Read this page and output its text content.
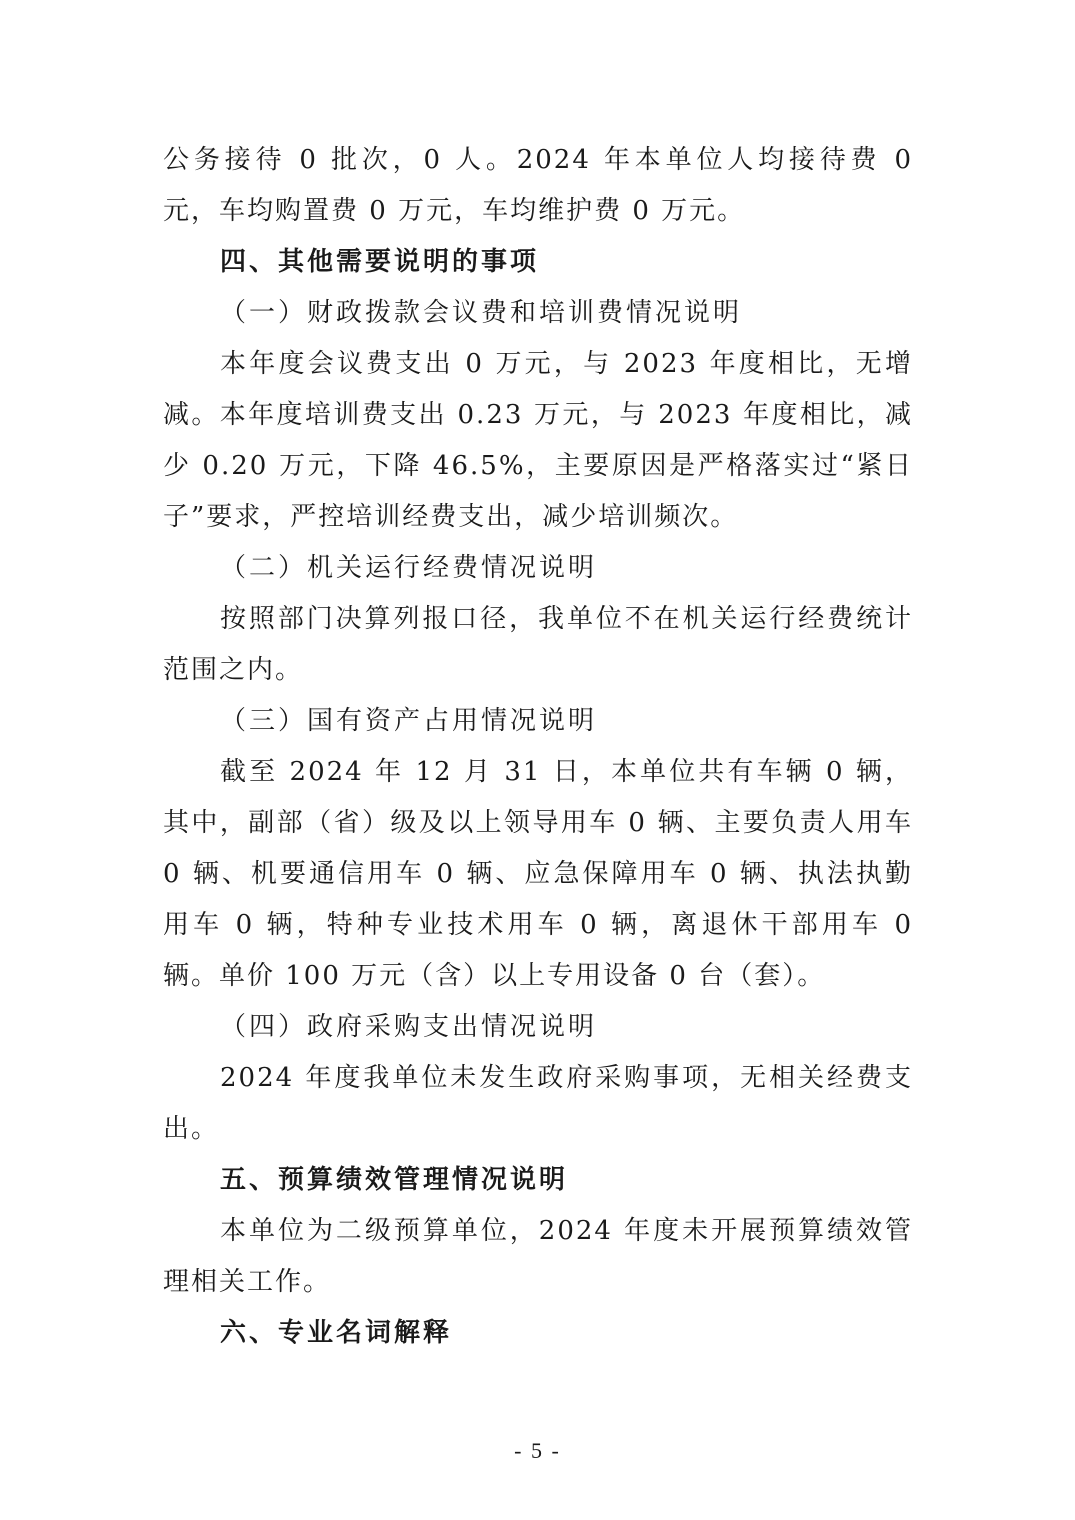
公务接待 0 批次，0 人。2024 年本单位人均接待费 0 元，车均购置费 0 万元，车均维护费 0 万元。

四、其他需要说明的事项

（一）财政拨款会议费和培训费情况说明

本年度会议费支出 0 万元，与 2023 年度相比，无增减。本年度培训费支出 0.23 万元，与 2023 年度相比，减少 0.20 万元，下降 46.5%，主要原因是严格落实过“紧日子”要求，严控培训经费支出，减少培训频次。

（二）机关运行经费情况说明

按照部门决算列报口径，我单位不在机关运行经费统计范围之内。

（三）国有资产占用情况说明

截至 2024 年 12 月 31 日，本单位共有车辆 0 辆，其中，副部（省）级及以上领导用车 0 辆、主要负责人用车 0 辆、机要通信用车 0 辆、应急保障用车 0 辆、执法执勤用车 0 辆，特种专业技术用车 0 辆，离退休干部用车 0 辆。单价 100 万元（含）以上专用设备 0 台（套）。

（四）政府采购支出情况说明

2024 年度我单位未发生政府采购事项，无相关经费支出。

五、预算绩效管理情况说明

本单位为二级预算单位，2024 年度未开展预算绩效管理相关工作。

六、专业名词解释

- 5 -
